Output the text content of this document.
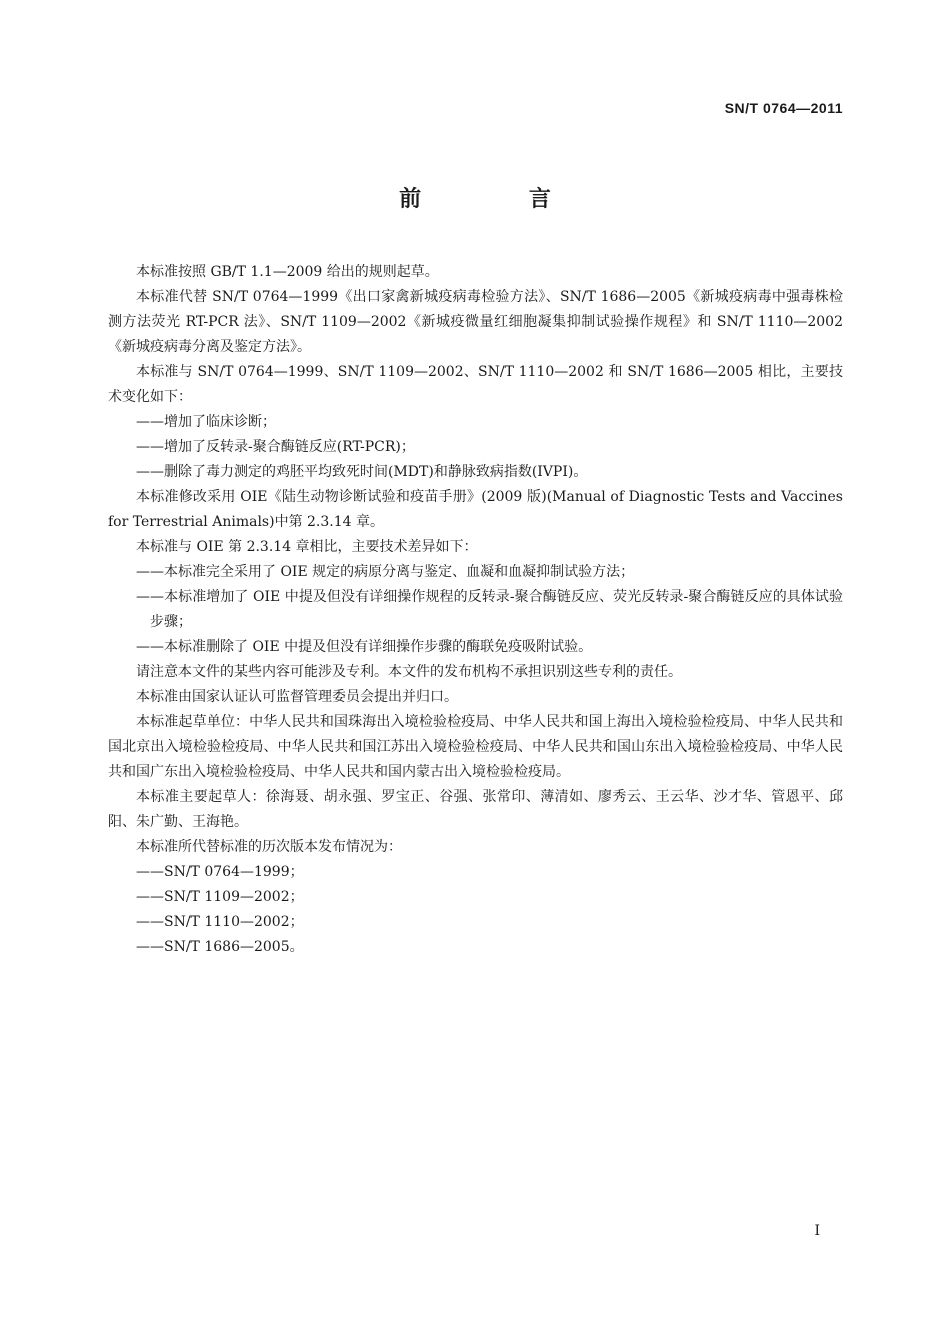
SN/T 0764—2011
前 言

本标准按照 GB/T 1.1—2009 给出的规则起草。

本标准代替 SN/T 0764—1999《出口家禽新城疫病毒检验方法》、SN/T 1686—2005《新城疫病毒中强毒株检测方法荧光 RT-PCR 法》、SN/T 1109—2002《新城疫微量红细胞凝集抑制试验操作规程》和 SN/T 1110—2002《新城疫病毒分离及鉴定方法》。

本标准与 SN/T 0764—1999、SN/T 1109—2002、SN/T 1110—2002 和 SN/T 1686—2005 相比，主要技术变化如下：

——增加了临床诊断；

——增加了反转录-聚合酶链反应(RT-PCR)；

——删除了毒力测定的鸡胚平均致死时间(MDT)和静脉致病指数(IVPI)。

本标准修改采用 OIE《陆生动物诊断试验和疫苗手册》(2009 版)(Manual of Diagnostic Tests and Vaccines for Terrestrial Animals)中第 2.3.14 章。

本标准与 OIE 第 2.3.14 章相比，主要技术差异如下：

——本标准完全采用了 OIE 规定的病原分离与鉴定、血凝和血凝抑制试验方法；

——本标准增加了 OIE 中提及但没有详细操作规程的反转录-聚合酶链反应、荧光反转录-聚合酶链反应的具体试验步骤；

——本标准删除了 OIE 中提及但没有详细操作步骤的酶联免疫吸附试验。

请注意本文件的某些内容可能涉及专利。本文件的发布机构不承担识别这些专利的责任。

本标准由国家认证认可监督管理委员会提出并归口。

本标准起草单位：中华人民共和国珠海出入境检验检疫局、中华人民共和国上海出入境检验检疫局、中华人民共和国北京出入境检验检疫局、中华人民共和国江苏出入境检验检疫局、中华人民共和国山东出入境检验检疫局、中华人民共和国广东出入境检验检疫局、中华人民共和国内蒙古出入境检验检疫局。

本标准主要起草人：徐海聂、胡永强、罗宝正、谷强、张常印、薄清如、廖秀云、王云华、沙才华、管恩平、邱阳、朱广勤、王海艳。

本标准所代替标准的历次版本发布情况为：

——SN/T 0764—1999；

——SN/T 1109—2002；

——SN/T 1110—2002；

——SN/T 1686—2005。

I
